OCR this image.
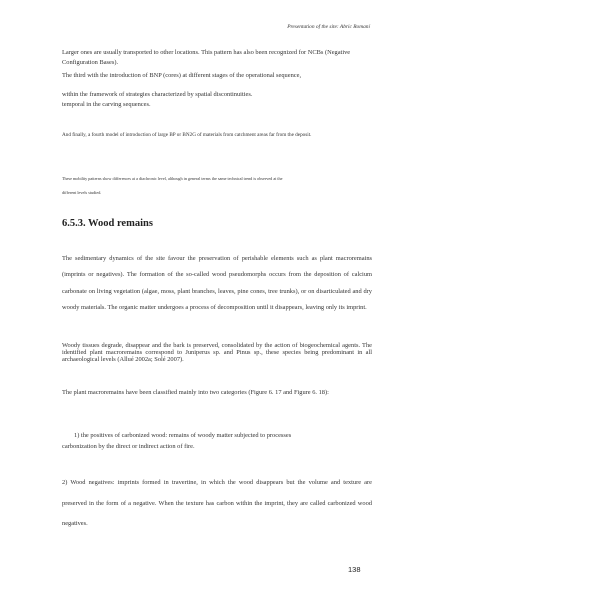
Presentation of the site: Abric Romaní

Larger ones are usually transported to other locations. This pattern has also been recognized for NCBs (Negative Configuration Bases).

The third with the introduction of BNP (cores) at different stages of the operational sequence,

within the framework of strategies characterized by spatial discontinuities.

temporal in the carving sequences.

And finally, a fourth model of introduction of large BP or BN2G of materials from catchment areas far from the deposit.

These mobility patterns show differences at a diachronic level, although in general terms the same technical trend is observed at the

different levels studied.

6.5.3. Wood remains

The sedimentary dynamics of the site favour the preservation of perishable elements such as plant macroremains (imprints or negatives). The formation of the so-called wood pseudomorphs occurs from the deposition of calcium carbonate on living vegetation (algae, moss, plant branches, leaves, pine cones, tree trunks), or on disarticulated and dry woody materials. The organic matter undergoes a process of decomposition until it disappears, leaving only its imprint.

Woody tissues degrade, disappear and the bark is preserved, consolidated by the action of biogeochemical agents. The identified plant macroremains correspond to Juniperus sp. and Pinus sp., these species being predominant in all archaeological levels (Allué 2002a; Solé 2007).

The plant macroremains have been classified mainly into two categories (Figure 6. 17 and Figure 6. 18):

1) the positives of carbonized wood: remains of woody matter subjected to processes

carbonization by the direct or indirect action of fire.

2) Wood negatives: imprints formed in travertine, in which the wood disappears but the volume and texture are preserved in the form of a negative. When the texture has carbon within the imprint, they are called carbonized wood negatives.

138
